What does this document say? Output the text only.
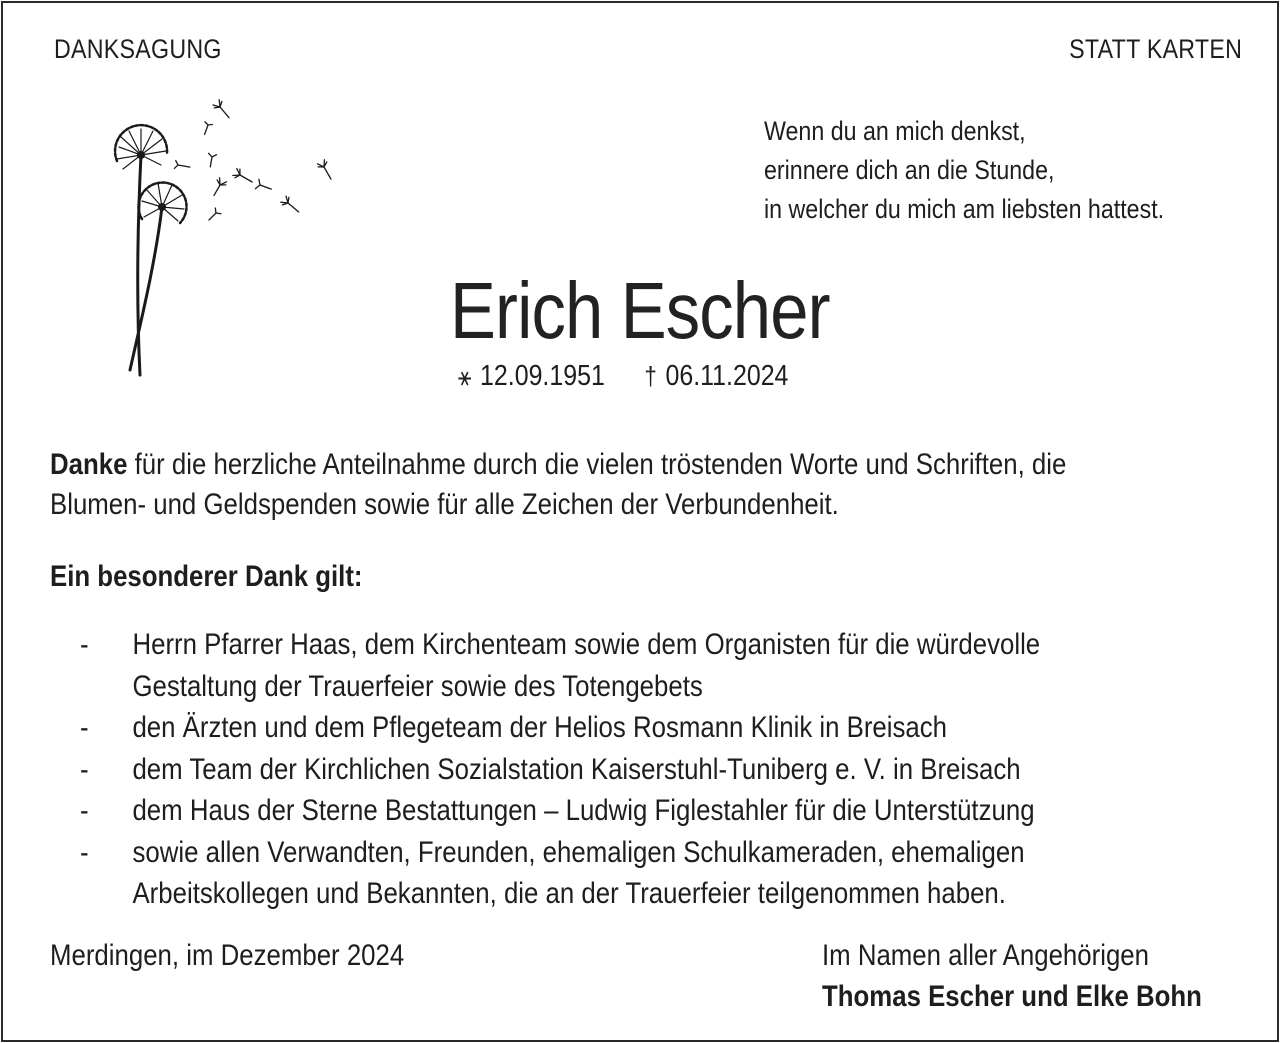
DANKSAGUNG	STATT KARTEN
Wenn du an mich denkst,
erinnere dich an die Stunde,
in welcher du mich am liebsten hattest.
Erich Escher
⚹ 12.09.1951 † 06.11.2024
Danke für die herzliche Anteilnahme durch die vielen tröstenden Worte und Schriften, die
Blumen- und Geldspenden sowie für alle Zeichen der Verbundenheit.
Ein besonderer Dank gilt:
-	Herrn Pfarrer Haas, dem Kirchenteam sowie dem Organisten für die würdevolle
Gestaltung der Trauerfeier sowie des Totengebets
-	den Ärzten und dem Pflegeteam der Helios Rosmann Klinik in Breisach
-	dem Team der Kirchlichen Sozialstation Kaiserstuhl-Tuniberg e. V. in Breisach
-	dem Haus der Sterne Bestattungen – Ludwig Figlestahler für die Unterstützung
-	sowie allen Verwandten, Freunden, ehemaligen Schulkameraden, ehemaligen
Arbeitskollegen und Bekannten, die an der Trauerfeier teilgenommen haben.
Merdingen, im Dezember 2024	Im Namen aller Angehörigen
Thomas Escher und Elke Bohn
